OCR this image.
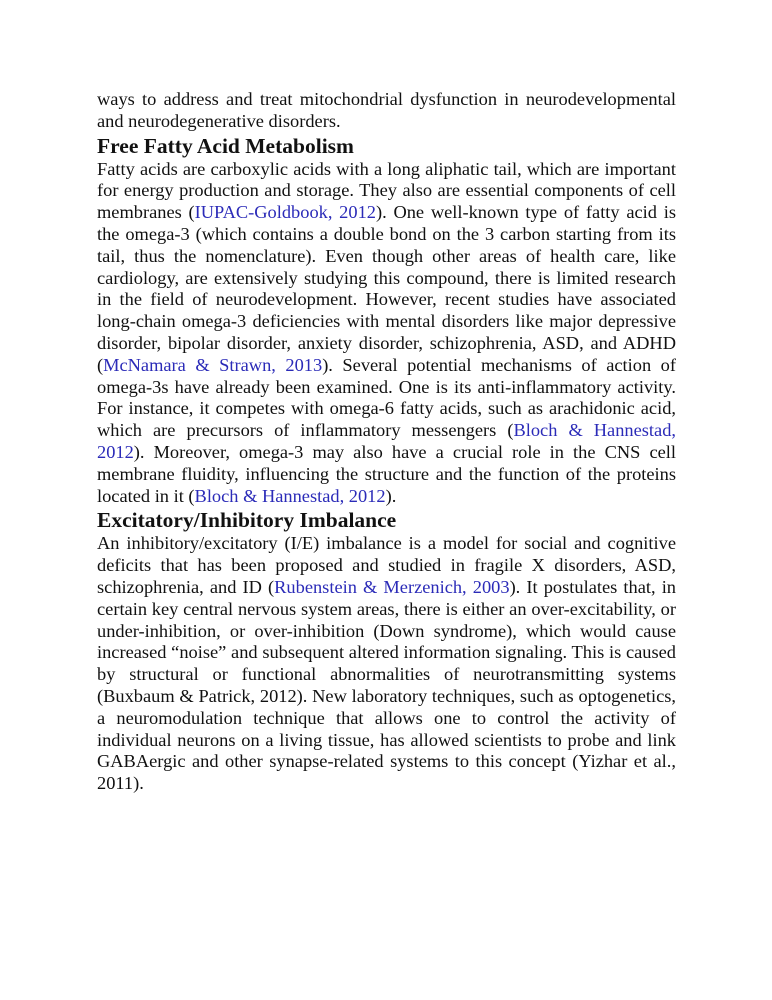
ways to address and treat mitochondrial dysfunction in neurodevelopmental and neurodegenerative disorders.

Free Fatty Acid Metabolism

Fatty acids are carboxylic acids with a long aliphatic tail, which are important for energy production and storage. They also are essential components of cell membranes (IUPAC-Goldbook, 2012). One well-known type of fatty acid is the omega-3 (which contains a double bond on the 3 carbon starting from its tail, thus the nomenclature). Even though other areas of health care, like cardiology, are extensively studying this compound, there is limited research in the field of neurodevelopment. However, recent studies have associated long-chain omega-3 deficiencies with mental disorders like major depressive disorder, bipolar disorder, anxiety disorder, schizophrenia, ASD, and ADHD (McNamara & Strawn, 2013). Several potential mechanisms of action of omega-3s have already been examined. One is its anti-inflammatory activity. For instance, it competes with omega-6 fatty acids, such as arachidonic acid, which are precursors of inflammatory messengers (Bloch & Hannestad, 2012). Moreover, omega-3 may also have a crucial role in the CNS cell membrane fluidity, influencing the structure and the function of the proteins located in it (Bloch & Hannestad, 2012).

Excitatory/Inhibitory Imbalance

An inhibitory/excitatory (I/E) imbalance is a model for social and cognitive deficits that has been proposed and studied in fragile X disorders, ASD, schizophrenia, and ID (Rubenstein & Merzenich, 2003). It postulates that, in certain key central nervous system areas, there is either an over-excitability, or under-inhibition, or over-inhibition (Down syndrome), which would cause increased “noise” and subsequent altered information signaling. This is caused by structural or functional abnormalities of neurotransmitting systems (Buxbaum & Patrick, 2012). New laboratory techniques, such as optogenetics, a neuromodulation technique that allows one to control the activity of individual neurons on a living tissue, has allowed scientists to probe and link GABAergic and other synapse-related systems to this concept (Yizhar et al., 2011).
